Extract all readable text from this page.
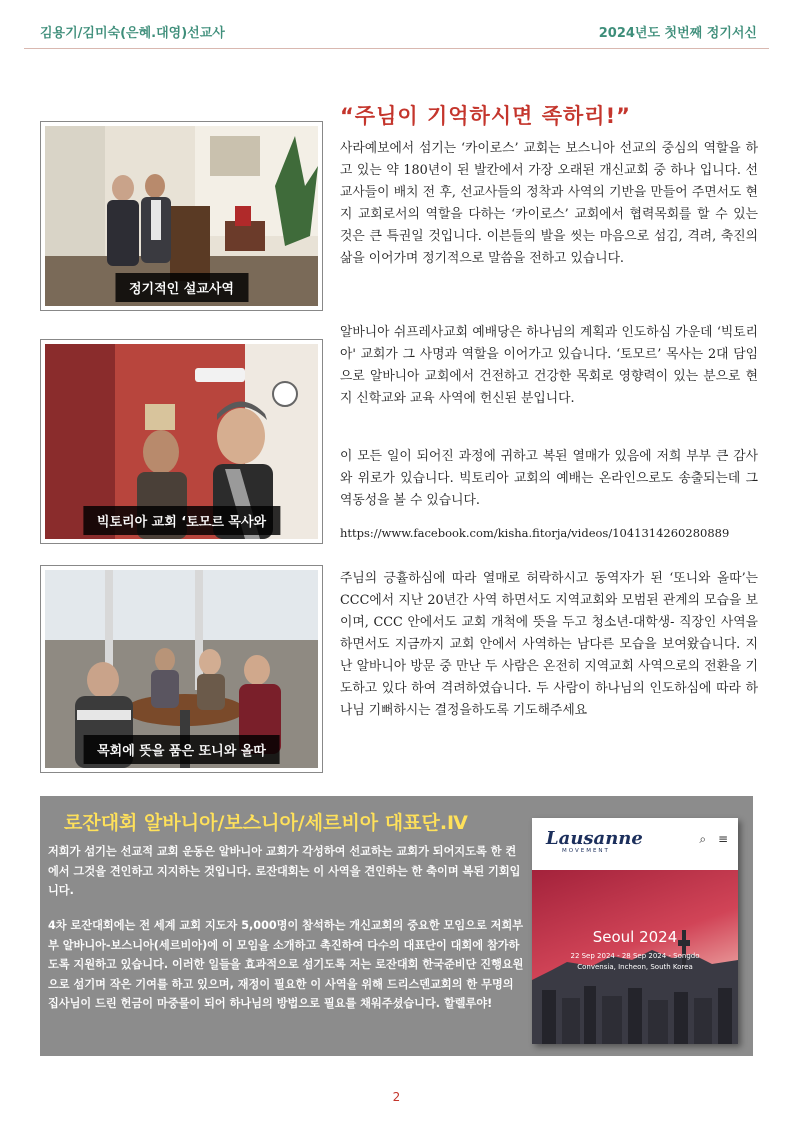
김용기/김미숙(은혜.대영)선교사	2024년도 첫번째 정기서신
정기적인 설교사역
빅토리아 교회 ‘토모르 목사와
목회에 뜻을 품은 또니와 올따
“주님이 기억하시면 족하리!”
사라예보에서 섬기는 ‘카이로스’ 교회는 보스니아 선교의 중심의 역할을 하고 있는 약 180년이 된 발칸에서 가장 오래된 개신교회 중 하나 입니다. 선교사들이 배치 전 후, 선교사들의 정착과 사역의 기반을 만들어 주면서도 현지 교회로서의 역할을 다하는 ‘카이로스’ 교회에서 협력목회를 할 수 있는 것은 큰 특권일 것입니다. 이븐들의 발을 씻는 마음으로 섬김, 격려, 축진의 삶을 이어가며 정기적으로 말씀을 전하고 있습니다.
알바니아 쉬프레사교회 예배당은 하나님의 계획과 인도하심 가운데 ‘빅토리아' 교회가 그 사명과 역할을 이어가고 있습니다. ‘토모르’ 목사는 2대 담임으로 알바니아 교회에서 건전하고 건강한 목회로 영향력이 있는 분으로 현지 신학교와 교육 사역에 헌신된 분입니다.
이 모든 일이 되어진 과정에 귀하고 복된 열매가 있음에 저희 부부 큰 감사와 위로가 있습니다. 빅토리아 교회의 예배는 온라인으로도 송출되는데 그 역동성을 볼 수 있습니다.
https://www.facebook.com/kisha.fitorja/videos/1041314260280889
주님의 긍휼하심에 따라 열매로 허락하시고 동역자가 된 ‘또니와 올따’는 CCC에서 지난 20년간 사역 하면서도 지역교회와 모범된 관계의 모습을 보이며, CCC 안에서도 교회 개척에 뜻을 두고 청소년-대학생- 직장인 사역을 하면서도 지금까지 교회 안에서 사역하는 남다른 모습을 보여왔습니다. 지난 알바니아 방문 중 만난 두 사람은 온전히 지역교회 사역으로의 전환을 기도하고 있다 하여 격려하였습니다. 두 사람이 하나님의 인도하심에 따라 하나님 기뻐하시는 결정을하도록 기도해주세요
로잔대회 알바니아/보스니아/세르비아 대표단.Ⅳ
저희가 섬기는 선교적 교회 운동은 알바니아 교회가 각성하여 선교하는 교회가 되어지도록 한 켠에서 그것을 견인하고 지지하는 것입니다. 로잔대회는 이 사역을 견인하는 한 축이며 복된 기회입니다.
4차 로잔대회에는 전 세계 교회 지도자 5,000명이 참석하는 개신교회의 중요한 모임으로 저희부부 알바니아-보스니아(세르비아)에 이 모임을 소개하고 촉진하여 다수의 대표단이 대회에 참가하도록 지원하고 있습니다. 이러한 일들을 효과적으로 섬기도록 저는 로잔대회 한국준비단 진행요원으로 섬기며 작은 기여를 하고 있으며, 재정이 필요한 이 사역을 위해 드리스덴교회의 한 무명의 집사님이 드린 헌금이 마중물이 되어 하나님의 방법으로 필요를 채워주셨습니다. 할렐루야!
Lausanne
MOVEMENT
⌕ ≡
Seoul 2024
22 Sep 2024 - 28 Sep 2024 - Songdo
Convensia, Incheon, South Korea
2
